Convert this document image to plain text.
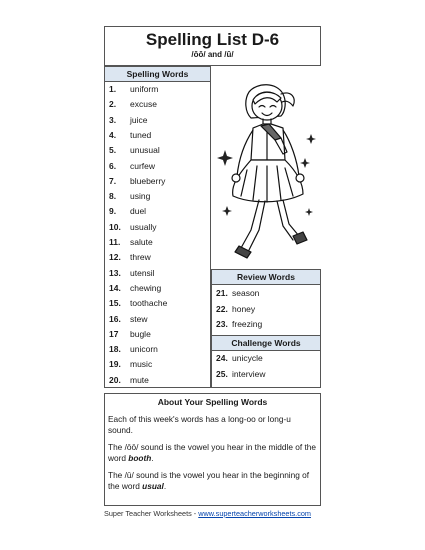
Spelling List D-6
/ōō/ and /ū/
Spelling Words
1. uniform
2. excuse
3. juice
4. tuned
5. unusual
6. curfew
7. blueberry
8. using
9. duel
10. usually
11. salute
12. threw
13. utensil
14. chewing
15. toothache
16. stew
17 bugle
18. unicorn
19. music
20. mute
Review Words
21. season
22. honey
23. freezing
Challenge Words
24. unicycle
25. interview
About Your Spelling Words

Each of this week's words has a long-oo or long-u sound.

The /ōō/ sound is the vowel you hear in the middle of the word booth.

The /ū/ sound is the vowel you hear in the beginning of the word usual.

Super Teacher Worksheets - www.superteacherworksheets.com
